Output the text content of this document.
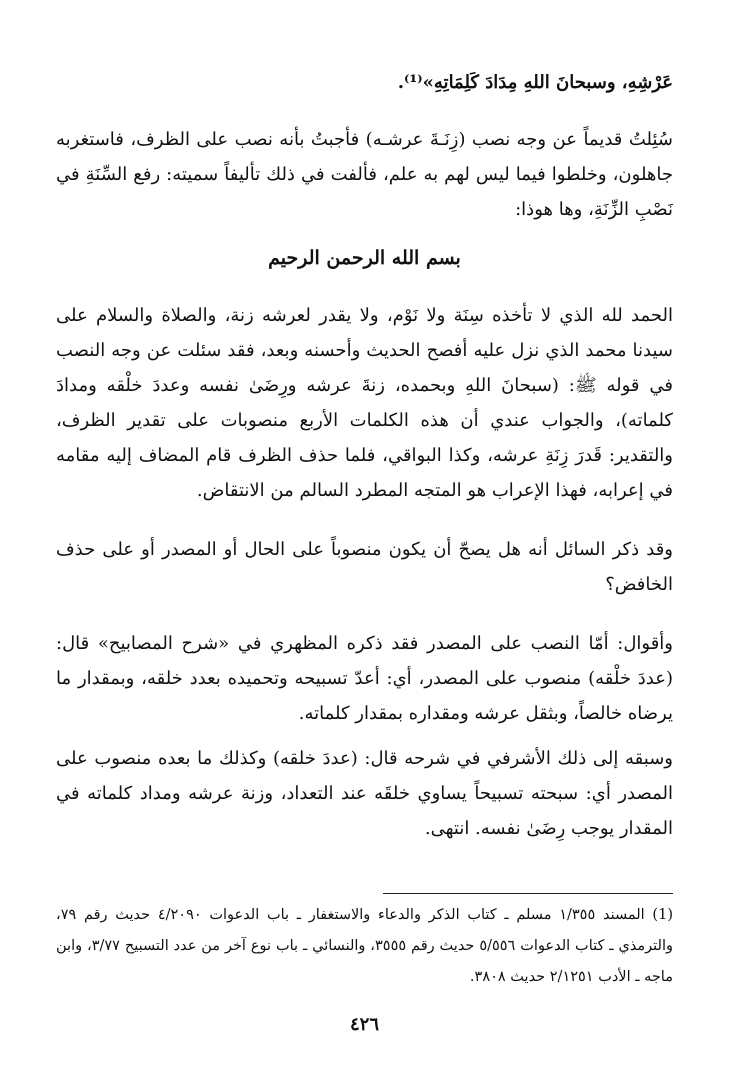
عَرْشِهِ، وسبحانَ اللهِ مِدَادَ كَلِمَاتِهِ»⁽¹⁾.

سُئِلتُ قديماً عن وجه نصب (زِنَـةَ عرشـه) فأجبتُ بأنه نصب على الظرف، فاستغربه جاهلون، وخلطوا فيما ليس لهم به علم، فألفت في ذلك تأليفاً سميته: رفع السِّنَةِ في نَصْبِ الزِّنَةِ، وها هوذا:

بسم الله الرحمن الرحيم

الحمد لله الذي لا تأخذه سِنَة ولا نَوْم، ولا يقدر لعرشه زنة، والصلاة والسلام على سيدنا محمد الذي نزل عليه أفصح الحديث وأحسنه وبعد، فقد سئلت عن وجه النصب في قوله ﷺ: (سبحانَ اللهِ وبحمده، زنةَ عرشه ورِضَىٰ نفسه وعددَ خلْقه ومدادَ كلماته)، والجواب عندي أن هذه الكلمات الأربع منصوبات على تقدير الظرف، والتقدير: قَدرَ زِنَةِ عرشه، وكذا البواقي، فلما حذف الظرف قام المضاف إليه مقامه في إعرابه، فهذا الإعراب هو المتجه المطرد السالم من الانتقاض.

وقد ذكر السائل أنه هل يصحّ أن يكون منصوباً على الحال أو المصدر أو على حذف الخافض؟

وأقوال: أمّا النصب على المصدر فقد ذكره المظهري في «شرح المصابيح» قال: (عددَ خلْقه) منصوب على المصدر، أي: أعدّ تسبيحه وتحميده بعدد خلقه، وبمقدار ما يرضاه خالصاً، وبثقل عرشه ومقداره بمقدار كلماته.

وسبقه إلى ذلك الأشرفي في شرحه قال: (عددَ خلقه) وكذلك ما بعده منصوب على المصدر أي: سبحته تسبيحاً يساوي خلقَه عند التعداد، وزنة عرشه ومداد كلماته في المقدار يوجب رِضَىٰ نفسه. انتهى.

(1) المسند ١/٣٥٥ مسلم ـ كتاب الذكر والدعاء والاستغفار ـ باب الدعوات ٤/٢٠٩٠ حديث رقم ٧٩، والترمذي ـ كتاب الدعوات ٥/٥٥٦ حديث رقم ٣٥٥٥، والنسائي ـ باب نوع آخر من عدد التسبيح ٣/٧٧، وابن ماجه ـ الأدب ٢/١٢٥١ حديث ٣٨٠٨.

٤٢٦
